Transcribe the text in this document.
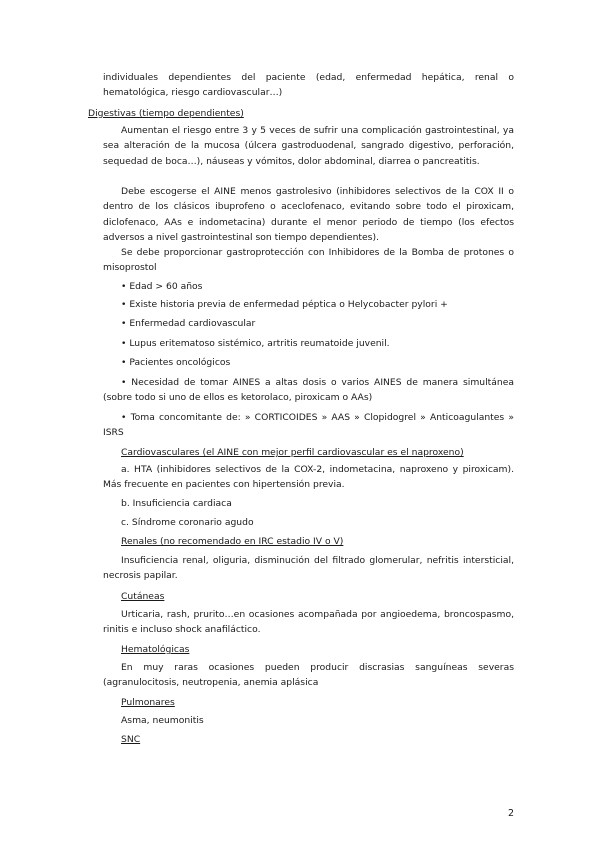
individuales dependientes del paciente (edad, enfermedad hepática, renal o hematológica, riesgo cardiovascular…)

Digestivas (tiempo dependientes)

Aumentan el riesgo entre 3 y 5 veces de sufrir una complicación gastrointestinal, ya sea alteración de la mucosa (úlcera gastroduodenal, sangrado digestivo, perforación, sequedad de boca…), náuseas y vómitos, dolor abdominal, diarrea o pancreatitis.

Debe escogerse el AINE menos gastrolesivo (inhibidores selectivos de la COX II o dentro de los clásicos ibuprofeno o aceclofenaco, evitando sobre todo el piroxicam, diclofenaco, AAs e indometacina) durante el menor periodo de tiempo (los efectos adversos a nivel gastrointestinal son tiempo dependientes).

Se debe proporcionar gastroprotección con Inhibidores de la Bomba de protones o misoprostol

• Edad > 60 años

• Existe historia previa de enfermedad péptica o Helycobacter pylori +

• Enfermedad cardiovascular

• Lupus eritematoso sistémico, artritis reumatoide juvenil.

• Pacientes oncológicos

• Necesidad de tomar AINES a altas dosis o varios AINES de manera simultánea (sobre todo si uno de ellos es ketorolaco, piroxicam o AAs)

• Toma concomitante de: » CORTICOIDES » AAS » Clopidogrel » Anticoagulantes » ISRS

Cardiovasculares (el AINE con mejor perfil cardiovascular es el naproxeno)

a. HTA (inhibidores selectivos de la COX-2, indometacina, naproxeno y piroxicam). Más frecuente en pacientes con hipertensión previa.

b. Insuficiencia cardiaca

c. Síndrome coronario agudo

Renales (no recomendado en IRC estadio IV o V)

Insuficiencia renal, oliguria, disminución del filtrado glomerular, nefritis intersticial, necrosis papilar.

Cutáneas

Urticaria, rash, prurito…en ocasiones acompañada por angioedema, broncospasmo, rinitis e incluso shock anafiláctico.

Hematológicas

En muy raras ocasiones pueden producir discrasias sanguíneas severas (agranulocitosis, neutropenia, anemia aplásica

Pulmonares

Asma, neumonitis

SNC

2
